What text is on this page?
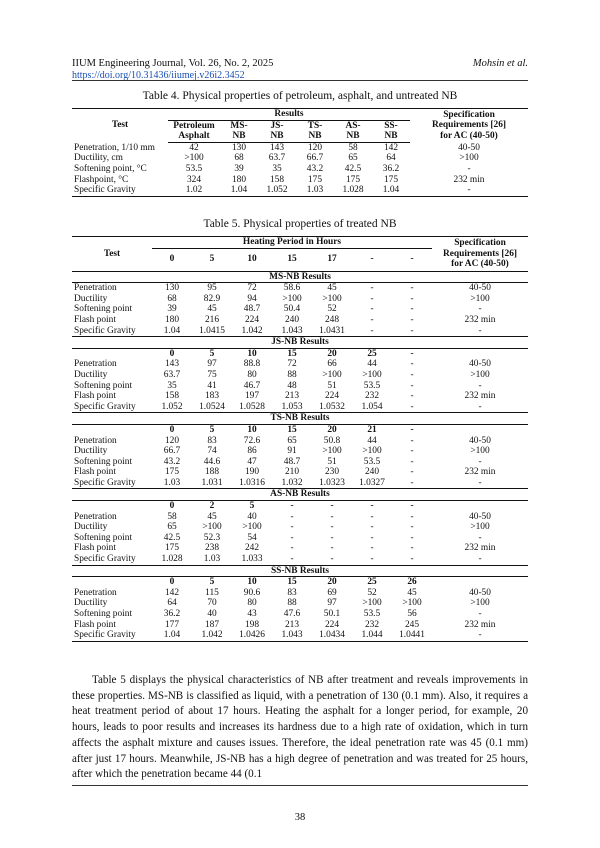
IIUM Engineering Journal, Vol. 26, No. 2, 2025	Mohsin et al.
https://doi.org/10.31436/iiumej.v26i2.3452
Table 4. Physical properties of petroleum, asphalt, and untreated NB
Test	Results						Specification
Requirements [26]
for AC (40-50)

	Petroleum	MS-	JS-	TS-	AS-	SS-	
	Asphalt	NB	NB	NB	NB	NB	
Penetration, 1/10 mm	42	130	143	120	58	142	40-50
Ductility, cm	>100	68	63.7	66.7	65	64	>100
Softening point, °C	53.5	39	35	43.2	42.5	36.2	-
Flashpoint, °C	324	180	158	175	175	175	232 min
Specific Gravity	1.02	1.04	1.052	1.03	1.028	1.04	-
Table 5. Physical properties of treated NB
Test	Heating Period in Hours							Specification
Requirements [26]
for AC (40-50)

	0	5	10	15	17	-	-	
MS-NB Results								
Penetration	130	95	72	58.6	45	-	-	40-50
Ductility	68	82.9	94	>100	>100	-	-	>100
Softening point	39	45	48.7	50.4	52	-	-	-
Flash point	180	216	224	240	248	-	-	232 min
Specific Gravity	1.04	1.0415	1.042	1.043	1.0431	-	-	-
JS-NB Results								
	0	5	10	15	20	25	-	
Penetration	143	97	88.8	72	66	44	-	40-50
Ductility	63.7	75	80	88	>100	>100	-	>100
Softening point	35	41	46.7	48	51	53.5	-	-
Flash point	158	183	197	213	224	232	-	232 min
Specific Gravity	1.052	1.0524	1.0528	1.053	1.0532	1.054	-	-
TS-NB Results								
	0	5	10	15	20	21	-	
Penetration	120	83	72.6	65	50.8	44	-	40-50
Ductility	66.7	74	86	91	>100	>100	-	>100
Softening point	43.2	44.6	47	48.7	51	53.5	-	-
Flash point	175	188	190	210	230	240	-	232 min
Specific Gravity	1.03	1.031	1.0316	1.032	1.0323	1.0327	-	-
AS-NB Results								
	0	2	5	-	-	-	-	
Penetration	58	45	40	-	-	-	-	40-50
Ductility	65	>100	>100	-	-	-	-	>100
Softening point	42.5	52.3	54	-	-	-	-	-
Flash point	175	238	242	-	-	-	-	232 min
Specific Gravity	1.028	1.03	1.033	-	-	-	-	-
SS-NB Results								
	0	5	10	15	20	25	26	
Penetration	142	115	90.6	83	69	52	45	40-50
Ductility	64	70	80	88	97	>100	>100	>100
Softening point	36.2	40	43	47.6	50.1	53.5	56	-
Flash point	177	187	198	213	224	232	245	232 min
Specific Gravity	1.04	1.042	1.0426	1.043	1.0434	1.044	1.0441	-

Table 5 displays the physical characteristics of NB after treatment and reveals improvements in these properties. MS-NB is classified as liquid, with a penetration of 130 (0.1 mm). Also, it requires a heat treatment period of about 17 hours. Heating the asphalt for a longer period, for example, 20 hours, leads to poor results and increases its hardness due to a high rate of oxidation, which in turn affects the asphalt mixture and causes issues. Therefore, the ideal penetration rate was 45 (0.1 mm) after just 17 hours. Meanwhile, JS-NB has a high degree of penetration and was treated for 25 hours, after which the penetration became 44 (0.1

38
